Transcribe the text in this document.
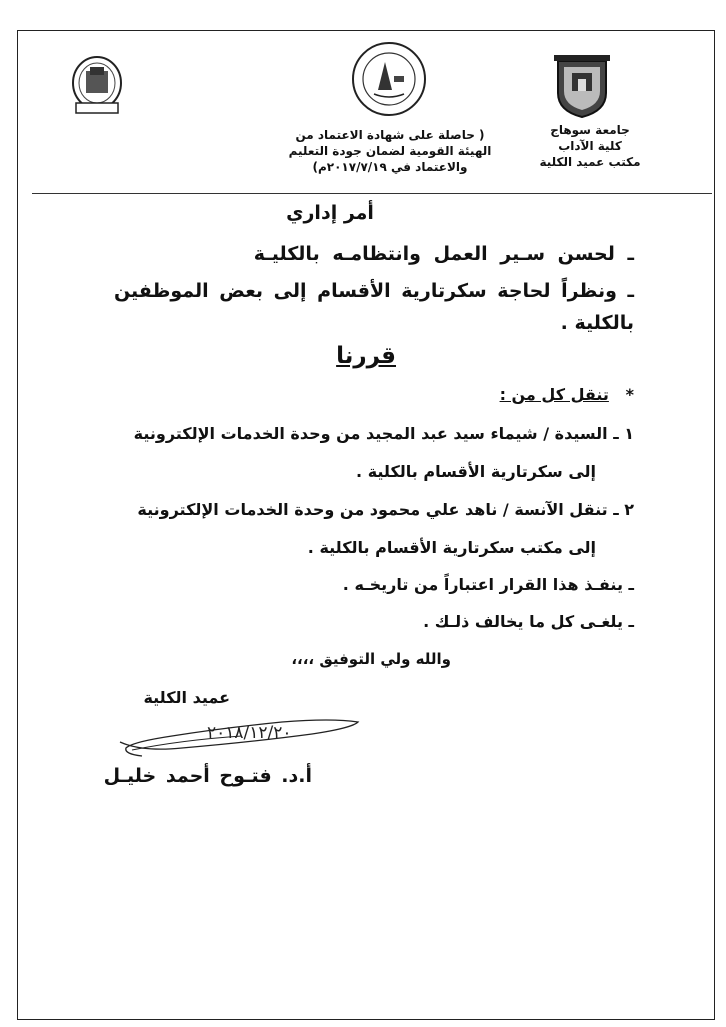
جامعة سوهاج
كلية الآداب
مكتب عميد الكلية
( حاصلة على شهادة الاعتماد من
الهيئة القومية لضمان جودة التعليم
والاعتماد في ٢٠١٧/٧/١٩م)
أمر إداري
ـ لحسن سـير العمل وانتظامـه بالكليـة
ـ ونظراً لحاجة سكرتارية الأقسام إلى بعض الموظفين
بالكلية .
قررنا
*   تنقل كل من :
١ ـ السيدة / شيماء سيد عبد المجيد من وحدة الخدمات الإلكترونية
إلى سكرتارية الأقسام بالكلية .
٢ ـ تنقل الآنسة / ناهد علي محمود من وحدة الخدمات الإلكترونية
إلى مكتب سكرتارية الأقسام بالكلية .
ـ ينفـذ هذا القرار اعتباراً من تاريخـه .
ـ يلغـى كل ما يخالف ذلـك .
والله ولي التوفيق ،،،،
عميد الكلية
٢٠١٨/١٢/٢٠
أ.د. فتـوح أحمد خليـل
